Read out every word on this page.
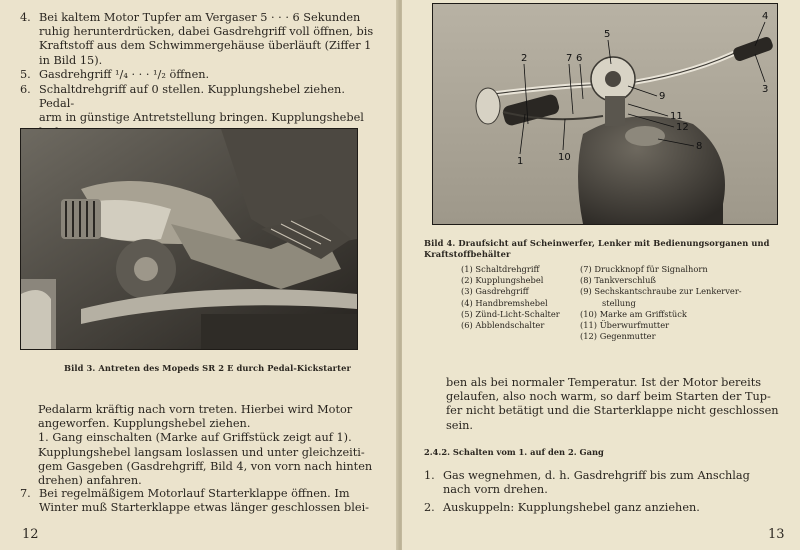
4. Bei kaltem Motor Tupfer am Vergaser 5 · · · 6 Sekunden
ruhig herunterdrücken, dabei Gasdrehgriff voll öffnen, bis
Kraftstoff aus dem Schwimmergehäuse überläuft (Ziffer 1
in Bild 15).
5. Gasdrehgriff ¹/₄ · · · ¹/₂ öffnen.
6. Schaltdrehgriff auf 0 stellen. Kupplungshebel ziehen. Pedal-
arm in günstige Antretstellung bringen. Kupplungshebel
Bild 3. Antreten des Mopeds SR 2 E durch Pedal-Kickstarter
Pedalarm kräftig nach vorn treten. Hierbei wird Motor
angeworfen. Kupplungshebel ziehen.
1. Gang einschalten (Marke auf Griffstück zeigt auf 1).
Kupplungshebel langsam loslassen und unter gleichzeiti-
gem Gasgeben (Gasdrehgriff, Bild 4, von vorn nach hinten
drehen) anfahren.
7. Bei regelmäßigem Motorlauf Starterklappe öffnen. Im
Winter muß Starterklappe etwas länger geschlossen blei-
12
2
1
7 6
5
4
3
9
11
12
8
10
Bild 4. Draufsicht auf Scheinwerfer, Lenker mit Bedienungsorganen und
Kraftstoffbehälter
(1) Schaltdrehgriff
(2) Kupplungshebel
(3) Gasdrehgriff
(4) Handbremshebel
(5) Zünd-Licht-Schalter
(6) Abblendschalter
(7) Druckknopf für Signalhorn
(8) Tankverschluß
(9) Sechskantschraube zur Lenkerver-
stellung
(10) Marke am Griffstück
(11) Überwurfmutter
(12) Gegenmutter
ben als bei normaler Temperatur. Ist der Motor bereits
gelaufen, also noch warm, so darf beim Starten der Tup-
fer nicht betätigt und die Starterklappe nicht geschlossen
sein.
2.4.2. Schalten vom 1. auf den 2. Gang
1. Gas wegnehmen, d. h. Gasdrehgriff bis zum Anschlag
nach vorn drehen.
2. Auskuppeln: Kupplungshebel ganz anziehen.
13
